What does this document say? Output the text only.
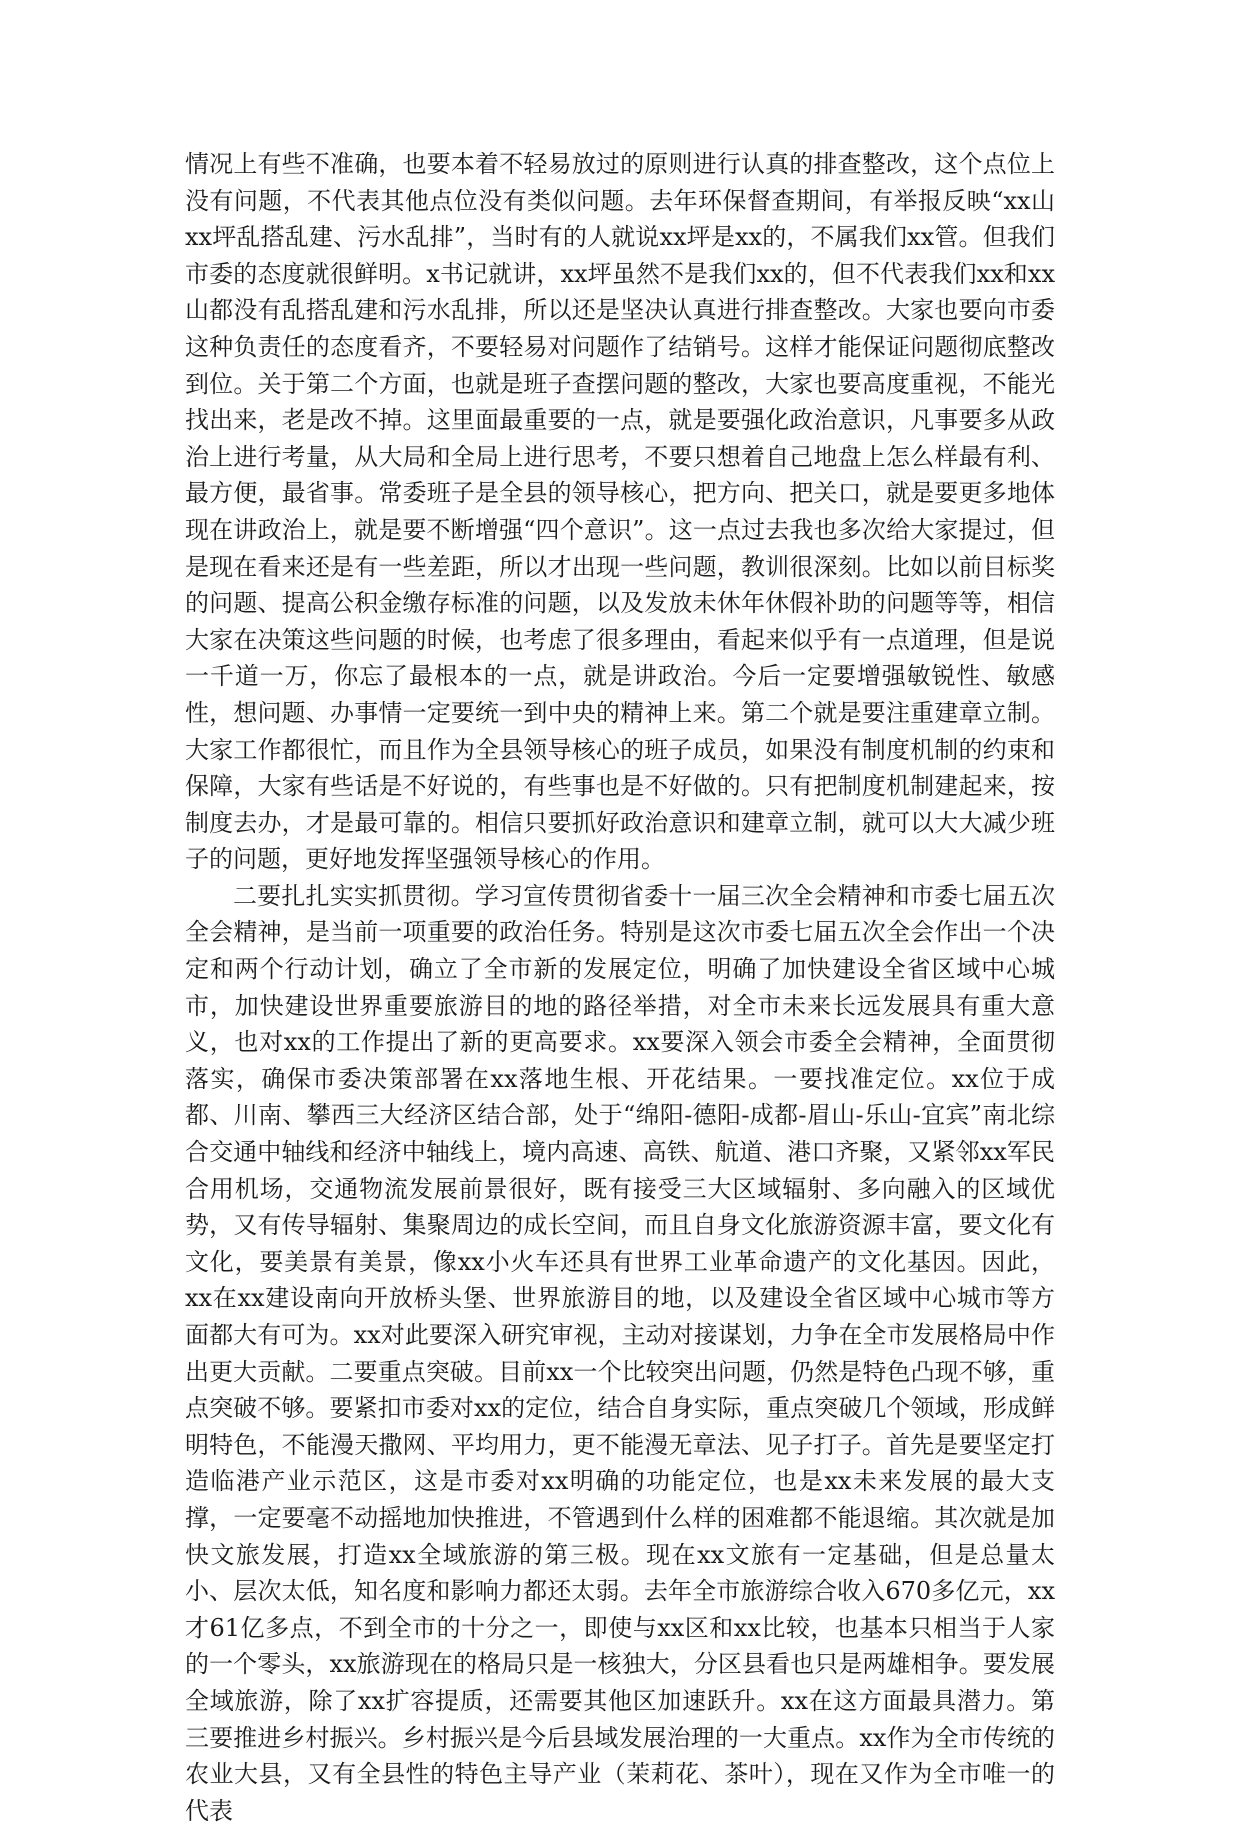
情况上有些不准确，也要本着不轻易放过的原则进行认真的排查整改，这个点位上没有问题，不代表其他点位没有类似问题。去年环保督查期间，有举报反映“xx山xx坪乱搭乱建、污水乱排”，当时有的人就说xx坪是xx的，不属我们xx管。但我们市委的态度就很鲜明。x书记就讲，xx坪虽然不是我们xx的，但不代表我们xx和xx山都没有乱搭乱建和污水乱排，所以还是坚决认真进行排查整改。大家也要向市委这种负责任的态度看齐，不要轻易对问题作了结销号。这样才能保证问题彻底整改到位。关于第二个方面，也就是班子查摆问题的整改，大家也要高度重视，不能光找出来，老是改不掉。这里面最重要的一点，就是要强化政治意识，凡事要多从政治上进行考量，从大局和全局上进行思考，不要只想着自己地盘上怎么样最有利、最方便，最省事。常委班子是全县的领导核心，把方向、把关口，就是要更多地体现在讲政治上，就是要不断增强“四个意识”。这一点过去我也多次给大家提过，但是现在看来还是有一些差距，所以才出现一些问题，教训很深刻。比如以前目标奖的问题、提高公积金缴存标准的问题，以及发放未休年休假补助的问题等等，相信大家在决策这些问题的时候，也考虑了很多理由，看起来似乎有一点道理，但是说一千道一万，你忘了最根本的一点，就是讲政治。今后一定要增强敏锐性、敏感性，想问题、办事情一定要统一到中央的精神上来。第二个就是要注重建章立制。大家工作都很忙，而且作为全县领导核心的班子成员，如果没有制度机制的约束和保障，大家有些话是不好说的，有些事也是不好做的。只有把制度机制建起来，按制度去办，才是最可靠的。相信只要抓好政治意识和建章立制，就可以大大减少班子的问题，更好地发挥坚强领导核心的作用。

二要扎扎实实抓贯彻。学习宣传贯彻省委十一届三次全会精神和市委七届五次全会精神，是当前一项重要的政治任务。特别是这次市委七届五次全会作出一个决定和两个行动计划，确立了全市新的发展定位，明确了加快建设全省区域中心城市，加快建设世界重要旅游目的地的路径举措，对全市未来长远发展具有重大意义，也对xx的工作提出了新的更高要求。xx要深入领会市委全会精神，全面贯彻落实，确保市委决策部署在xx落地生根、开花结果。一要找准定位。xx位于成都、川南、攀西三大经济区结合部，处于“绵阳-德阳-成都-眉山-乐山-宜宾”南北综合交通中轴线和经济中轴线上，境内高速、高铁、航道、港口齐聚，又紧邻xx军民合用机场，交通物流发展前景很好，既有接受三大区域辐射、多向融入的区域优势，又有传导辐射、集聚周边的成长空间，而且自身文化旅游资源丰富，要文化有文化，要美景有美景，像xx小火车还具有世界工业革命遗产的文化基因。因此，xx在xx建设南向开放桥头堡、世界旅游目的地，以及建设全省区域中心城市等方面都大有可为。xx对此要深入研究审视，主动对接谋划，力争在全市发展格局中作出更大贡献。二要重点突破。目前xx一个比较突出问题，仍然是特色凸现不够，重点突破不够。要紧扣市委对xx的定位，结合自身实际，重点突破几个领域，形成鲜明特色，不能漫天撒网、平均用力，更不能漫无章法、见子打子。首先是要坚定打造临港产业示范区，这是市委对xx明确的功能定位，也是xx未来发展的最大支撑，一定要毫不动摇地加快推进，不管遇到什么样的困难都不能退缩。其次就是加快文旅发展，打造xx全域旅游的第三极。现在xx文旅有一定基础，但是总量太小、层次太低，知名度和影响力都还太弱。去年全市旅游综合收入670多亿元，xx才61亿多点，不到全市的十分之一，即使与xx区和xx比较，也基本只相当于人家的一个零头，xx旅游现在的格局只是一核独大，分区县看也只是两雄相争。要发展全域旅游，除了xx扩容提质，还需要其他区加速跃升。xx在这方面最具潜力。第三要推进乡村振兴。乡村振兴是今后县域发展治理的一大重点。xx作为全市传统的农业大县，又有全县性的特色主导产业（茉莉花、茶叶），现在又作为全市唯一的代表
